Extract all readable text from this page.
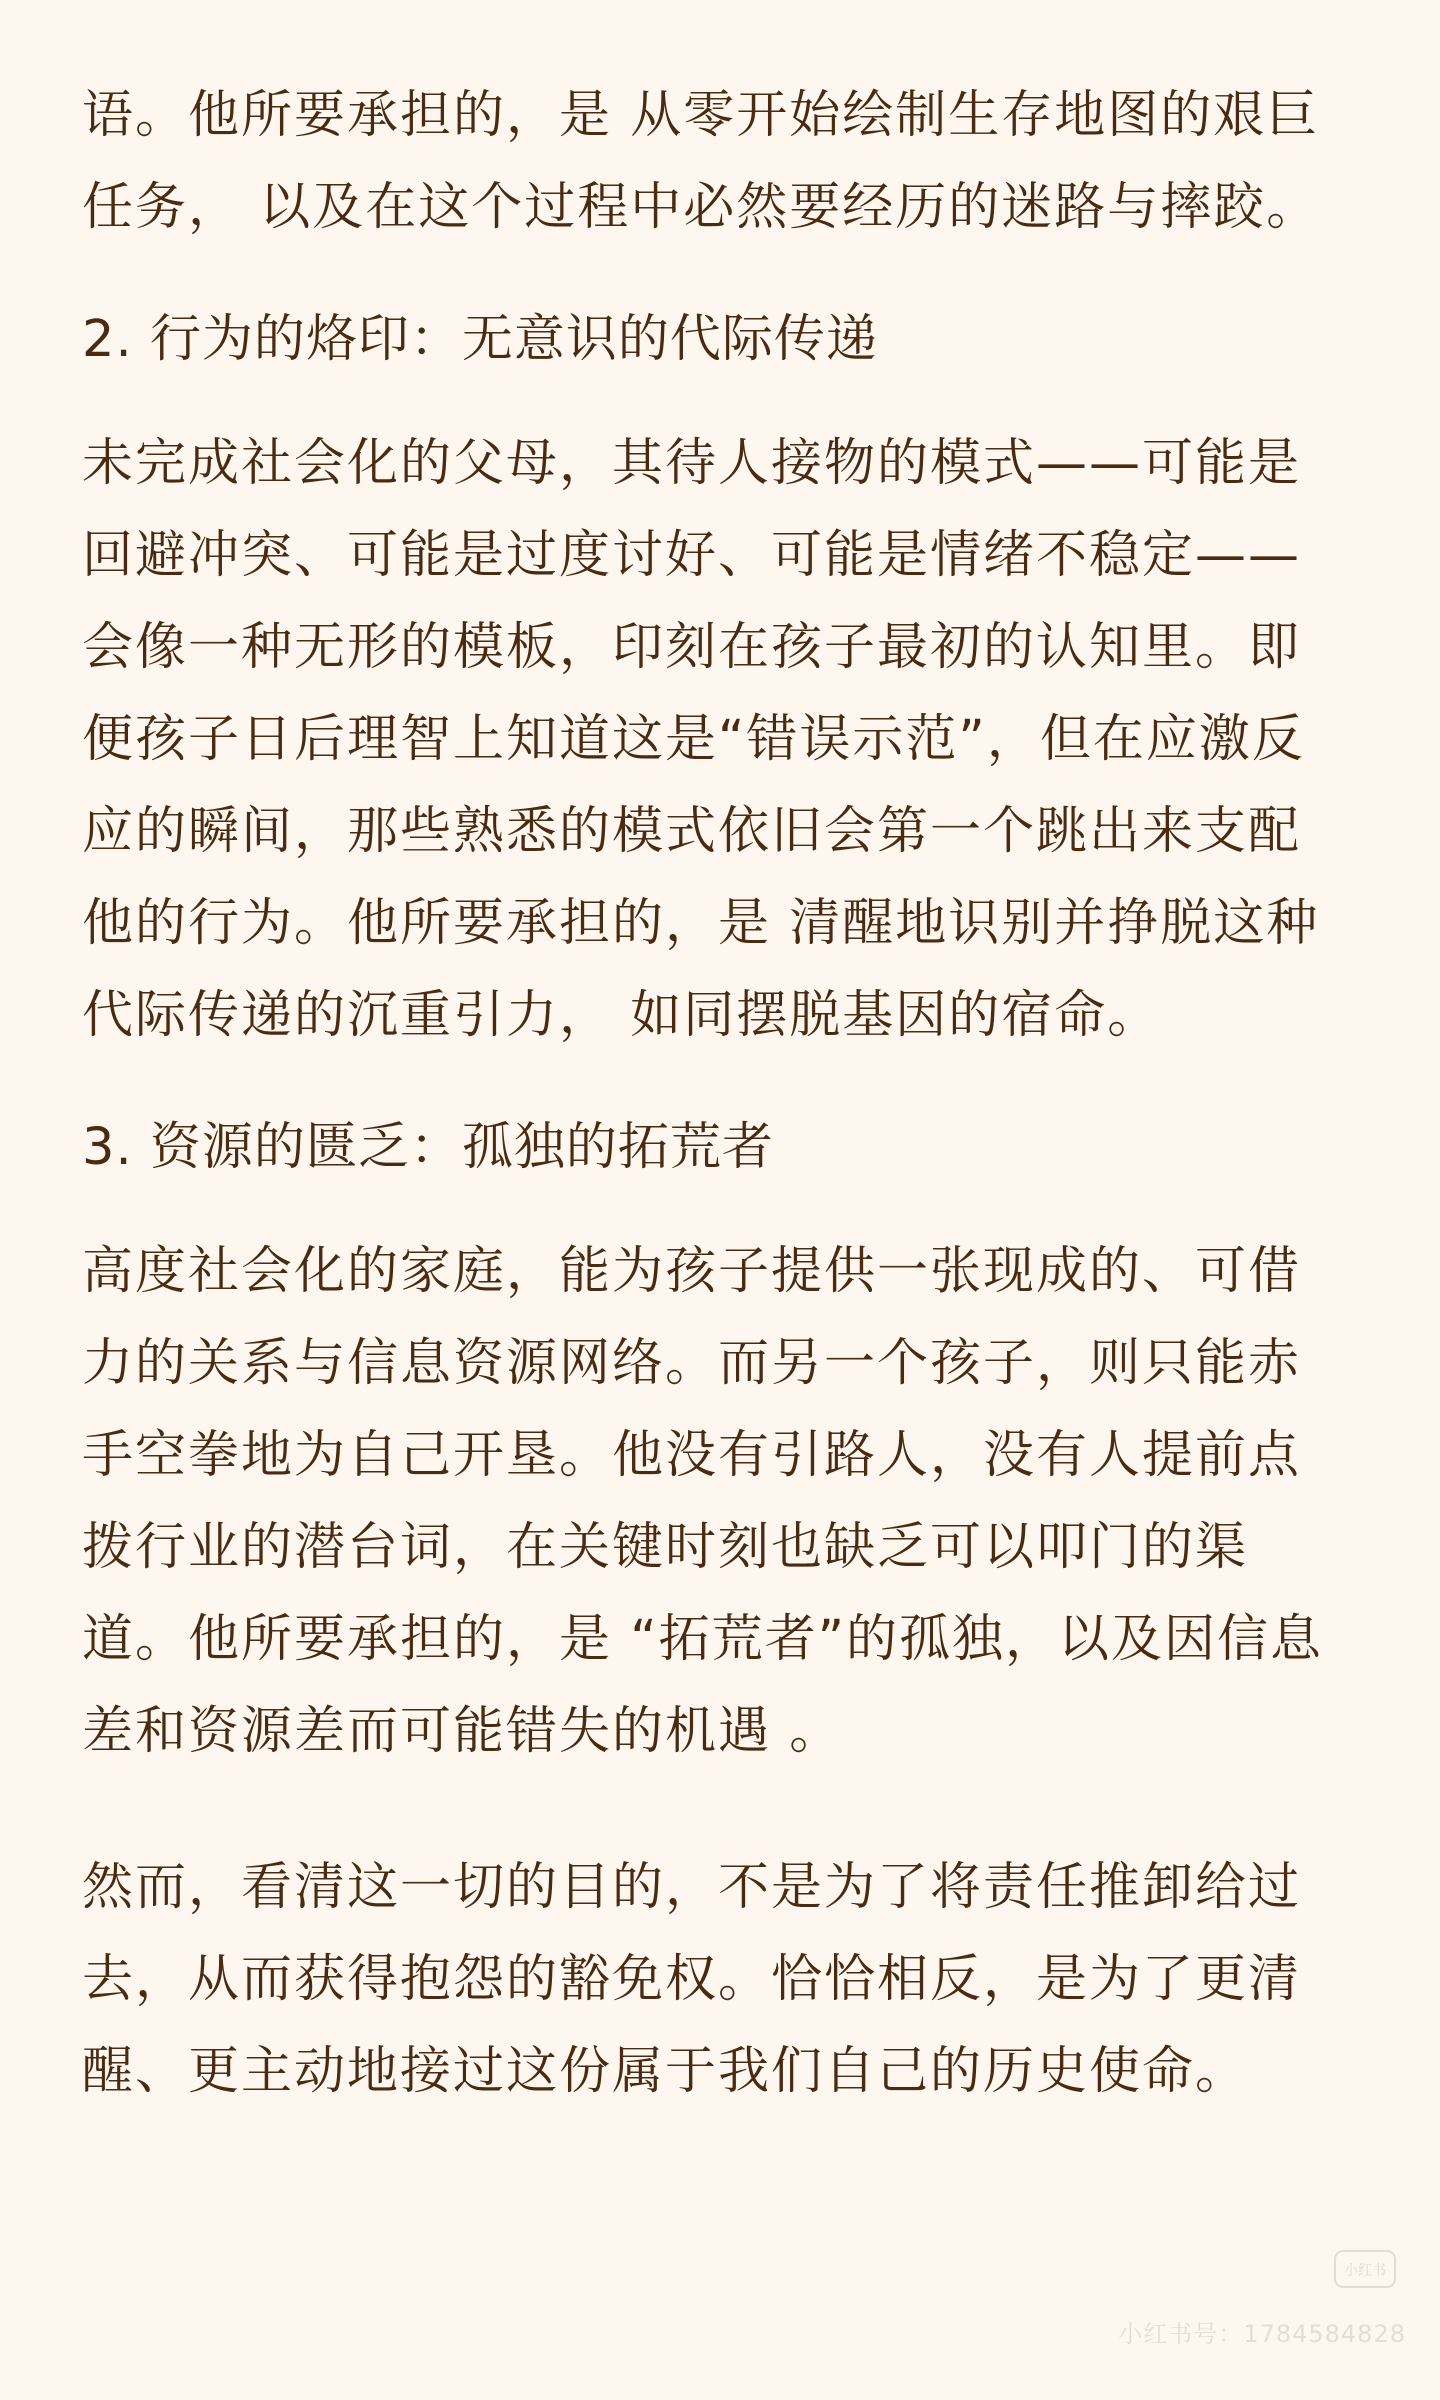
语。他所要承担的，是 从零开始绘制生存地图的艰巨
任务， 以及在这个过程中必然要经历的迷路与摔跤。

2. 行为的烙印：无意识的代际传递

未完成社会化的父母，其待人接物的模式——可能是
回避冲突、可能是过度讨好、可能是情绪不稳定——
会像一种无形的模板，印刻在孩子最初的认知里。即
便孩子日后理智上知道这是“错误示范”，但在应激反
应的瞬间，那些熟悉的模式依旧会第一个跳出来支配
他的行为。他所要承担的，是 清醒地识别并挣脱这种
代际传递的沉重引力， 如同摆脱基因的宿命。

3. 资源的匮乏：孤独的拓荒者

高度社会化的家庭，能为孩子提供一张现成的、可借
力的关系与信息资源网络。而另一个孩子，则只能赤
手空拳地为自己开垦。他没有引路人，没有人提前点
拨行业的潜台词，在关键时刻也缺乏可以叩门的渠
道。他所要承担的，是 “拓荒者”的孤独，以及因信息
差和资源差而可能错失的机遇 。

然而，看清这一切的目的，不是为了将责任推卸给过
去，从而获得抱怨的豁免权。恰恰相反，是为了更清
醒、更主动地接过这份属于我们自己的历史使命。

小红书
小红书号：1784584828
